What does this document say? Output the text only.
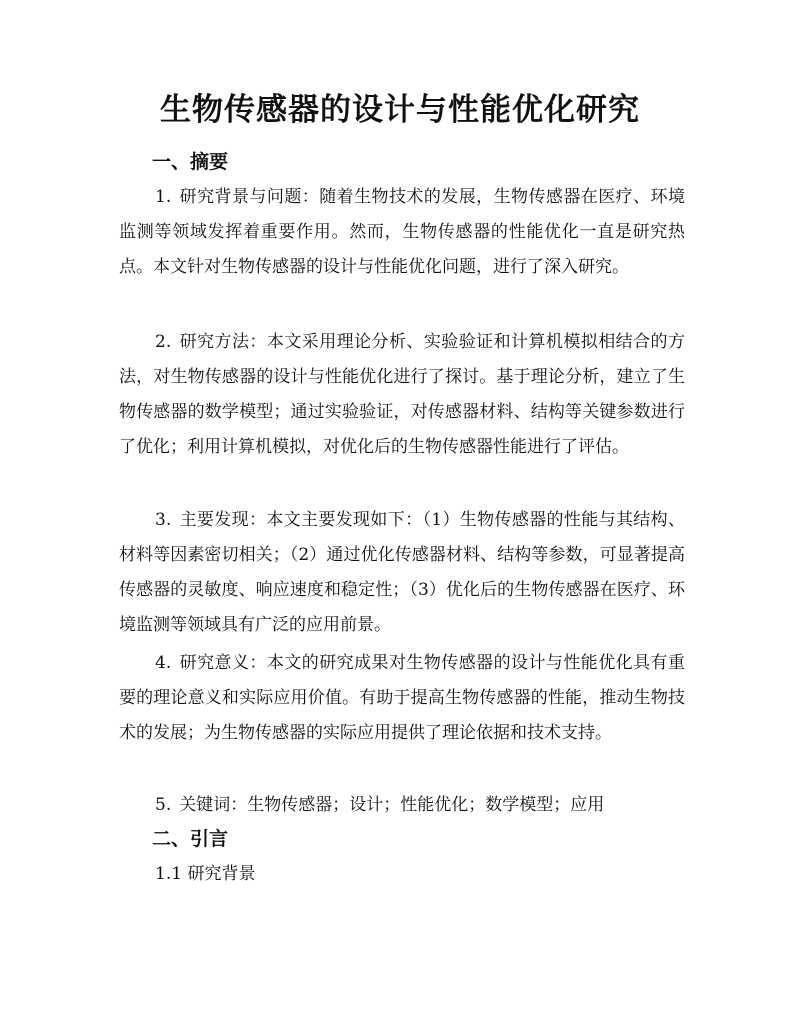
生物传感器的设计与性能优化研究
一、摘要

1. 研究背景与问题：随着生物技术的发展，生物传感器在医疗、环境监测等领域发挥着重要作用。然而，生物传感器的性能优化一直是研究热点。本文针对生物传感器的设计与性能优化问题，进行了深入研究。

2. 研究方法：本文采用理论分析、实验验证和计算机模拟相结合的方法，对生物传感器的设计与性能优化进行了探讨。基于理论分析，建立了生物传感器的数学模型；通过实验验证，对传感器材料、结构等关键参数进行了优化；利用计算机模拟，对优化后的生物传感器性能进行了评估。

3. 主要发现：本文主要发现如下：（1）生物传感器的性能与其结构、材料等因素密切相关；（2）通过优化传感器材料、结构等参数，可显著提高传感器的灵敏度、响应速度和稳定性；（3）优化后的生物传感器在医疗、环境监测等领域具有广泛的应用前景。

4. 研究意义：本文的研究成果对生物传感器的设计与性能优化具有重要的理论意义和实际应用价值。有助于提高生物传感器的性能，推动生物技术的发展；为生物传感器的实际应用提供了理论依据和技术支持。

5. 关键词：生物传感器；设计；性能优化；数学模型；应用

二、引言
1.1 研究背景
